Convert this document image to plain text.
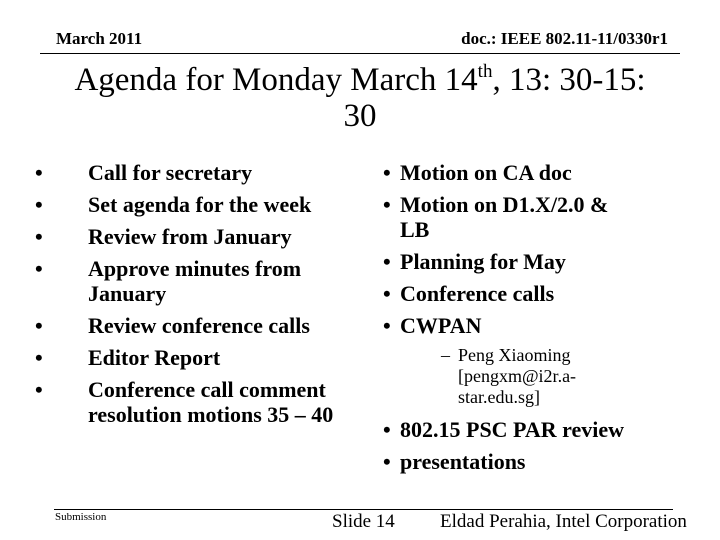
March 2011	doc.: IEEE 802.11-11/0330r1
Agenda for Monday March 14th, 13: 30-15: 30
• Call for secretary
• Set agenda for the week
• Review from January
• Approve minutes from January
• Review conference calls
• Editor Report
• Conference call comment resolution motions 35 – 40
• Motion on CA doc
• Motion on D1.X/2.0 & LB
• Planning for May
• Conference calls
• CWPAN
– Peng Xiaoming [pengxm@i2r.a-star.edu.sg]
• 802.15 PSC PAR review
• presentations
Submission	Slide 14 Eldad Perahia, Intel Corporation
